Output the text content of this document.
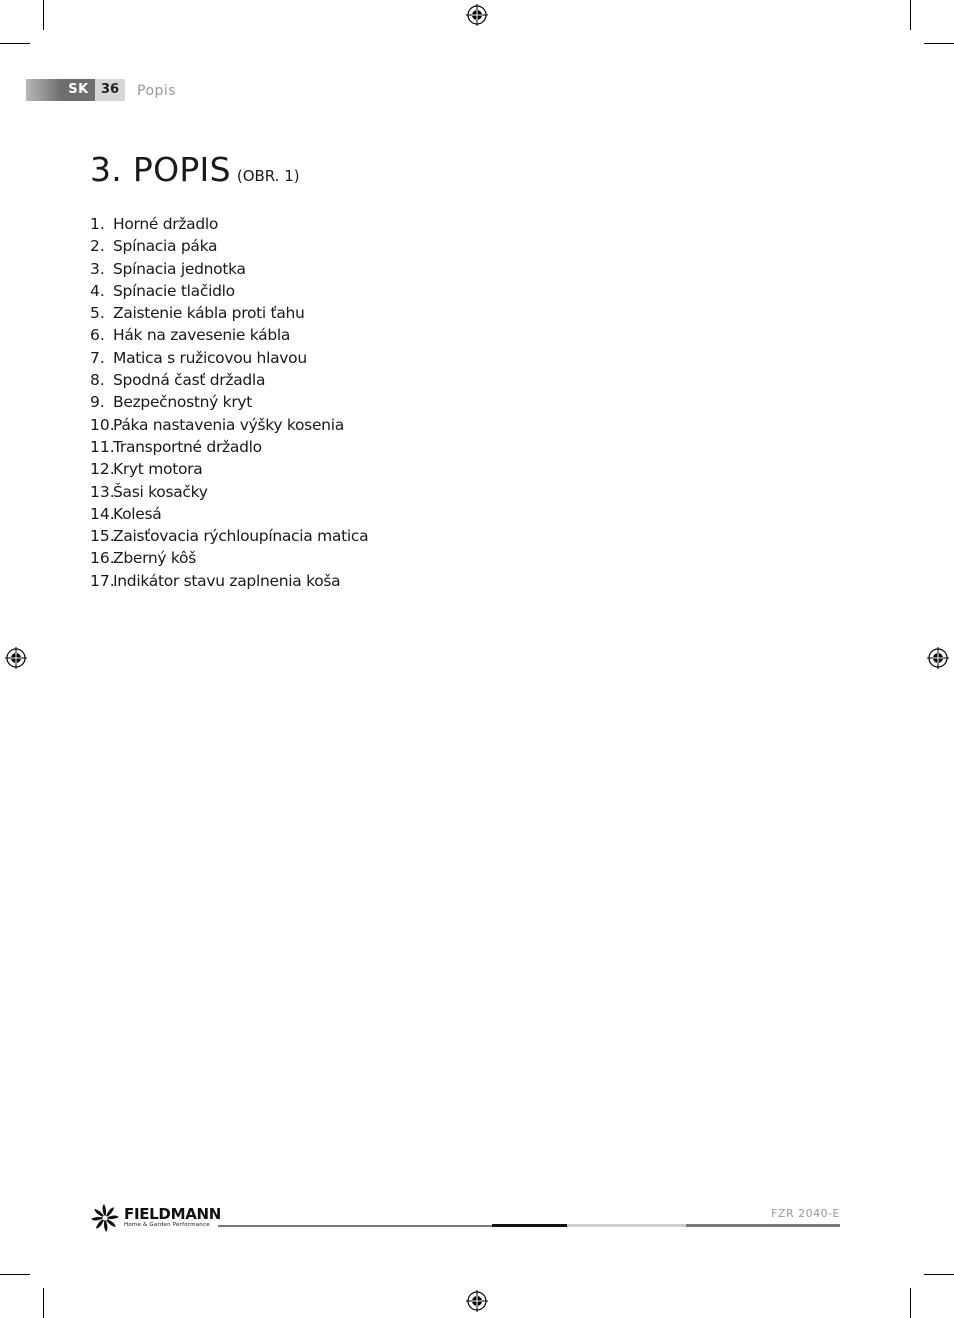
SK 36	Popis
3. POPIS (OBR. 1)
1. Horné držadlo
2. Spínacia páka
3. Spínacia jednotka
4. Spínacie tlačidlo
5. Zaistenie kábla proti ťahu
6. Hák na zavesenie kábla
7. Matica s ružicovou hlavou
8. Spodná časť držadla
9. Bezpečnostný kryt
10.Páka nastavenia výšky kosenia
11.Transportné držadlo
12.Kryt motora
13.Šasi kosačky
14.Kolesá
15.Zaisťovacia rýchloupínacia matica
16.Zberný kôš
17.Indikátor stavu zaplnenia koša
FIELDMANN
Home & Garden Performance
FZR 2040-E
